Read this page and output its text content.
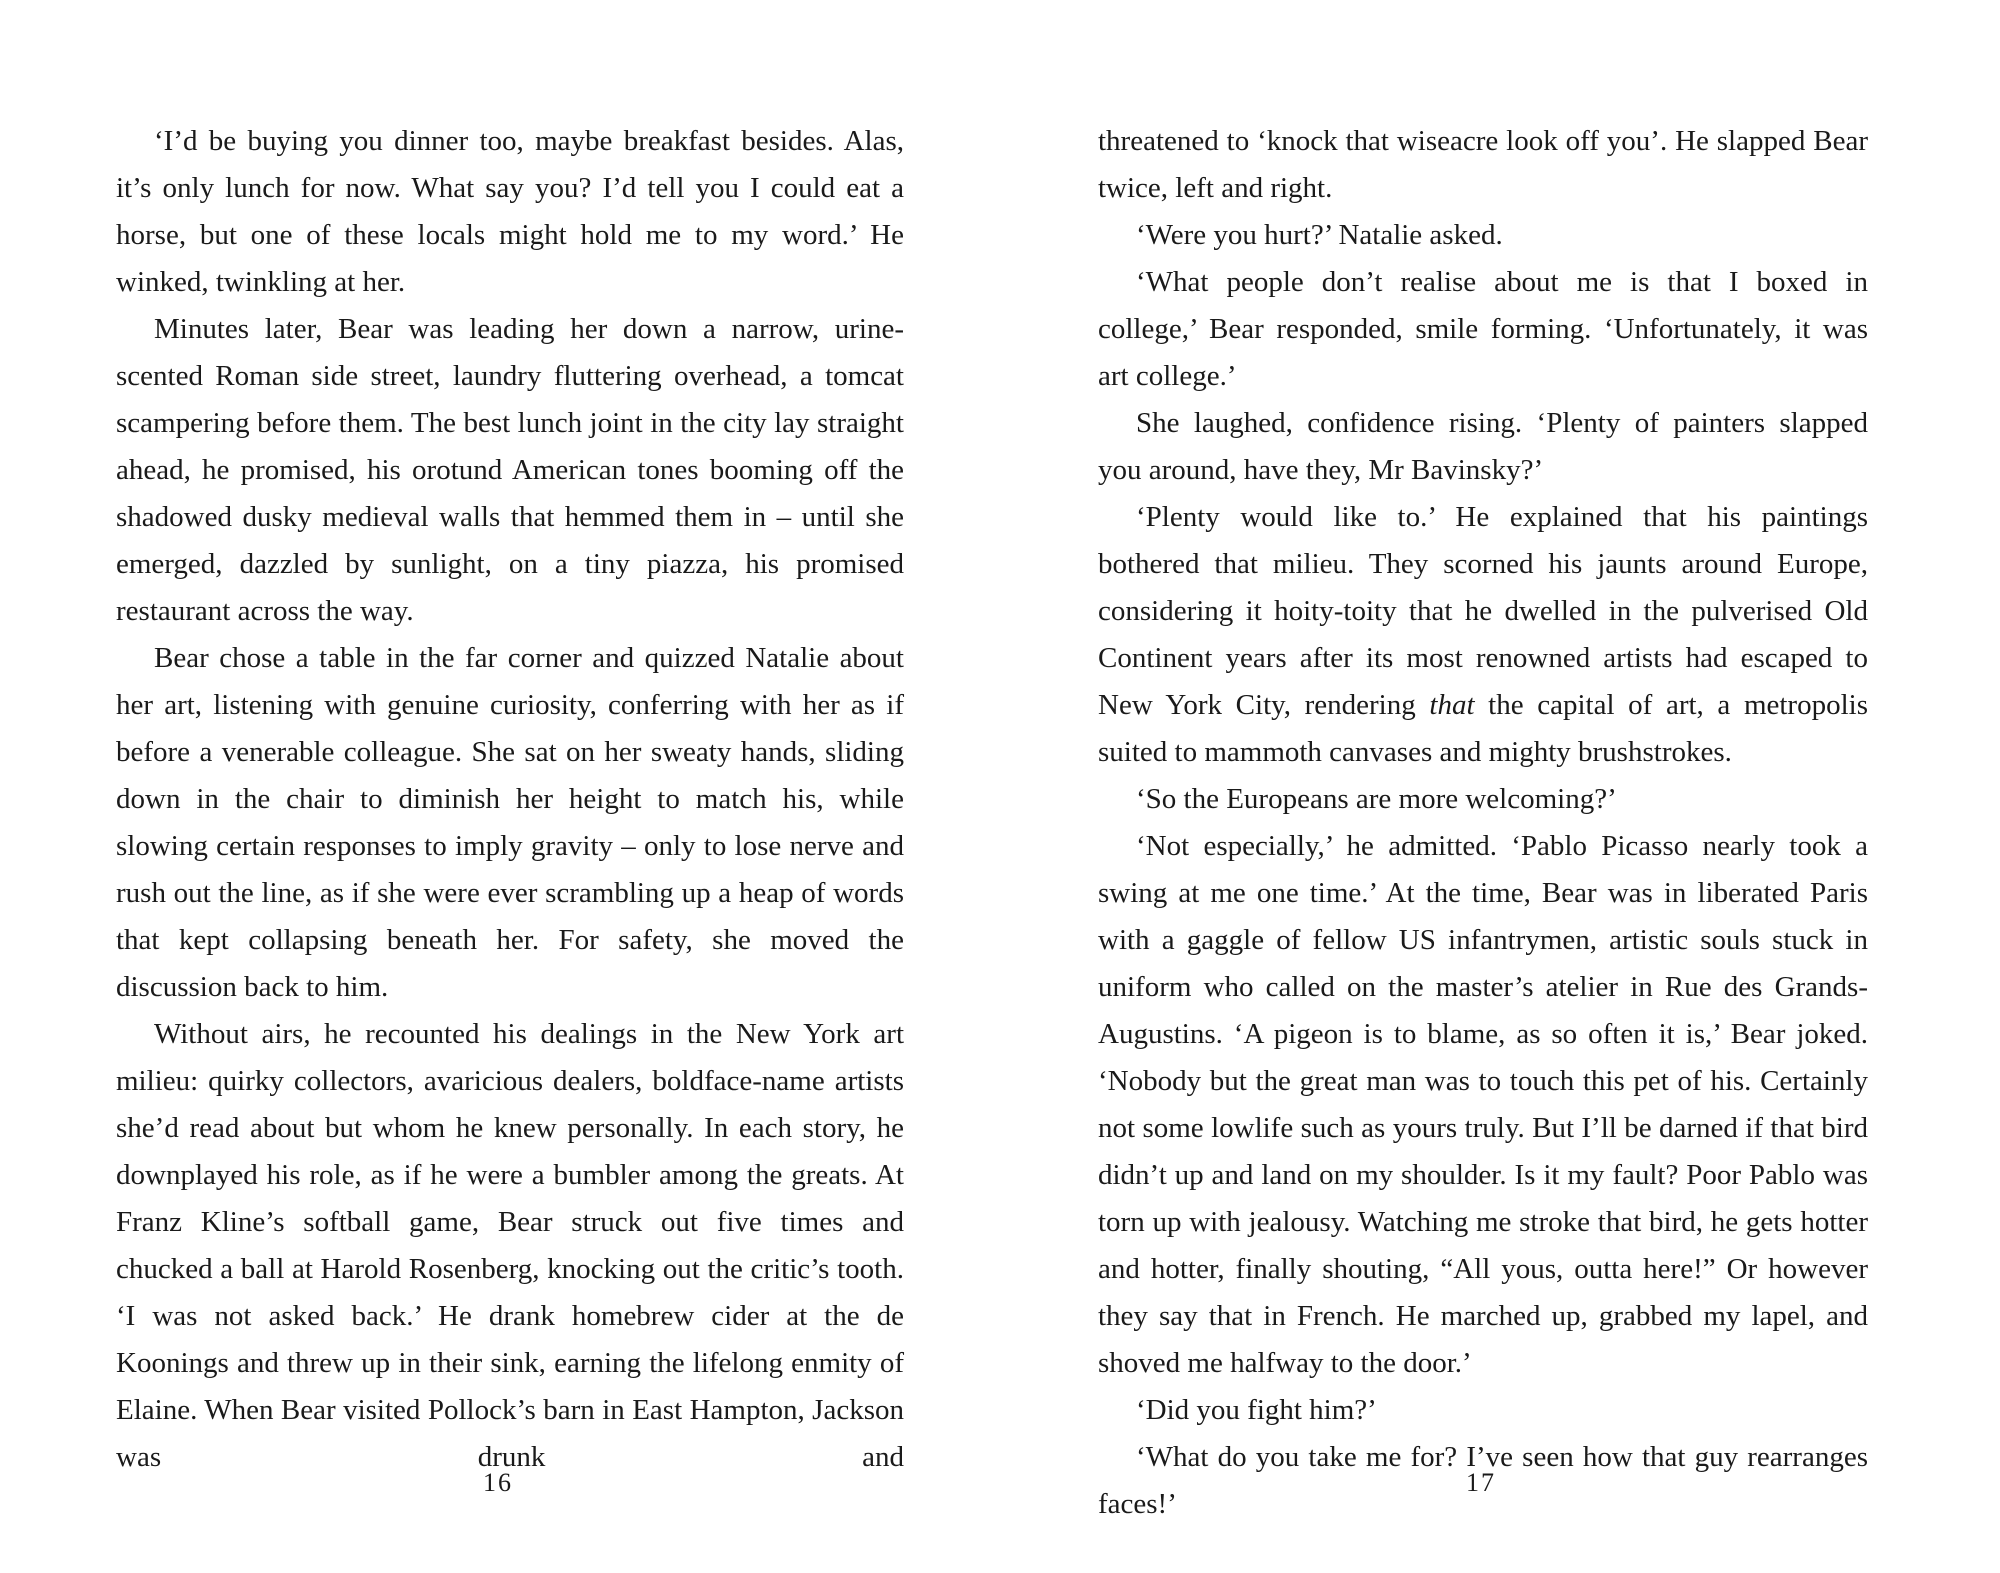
‘I’d be buying you dinner too, maybe breakfast besides. Alas, it’s only lunch for now. What say you? I’d tell you I could eat a horse, but one of these locals might hold me to my word.’ He winked, twinkling at her.

Minutes later, Bear was leading her down a narrow, urine-scented Roman side street, laundry fluttering overhead, a tomcat scampering before them. The best lunch joint in the city lay straight ahead, he promised, his orotund American tones booming off the shadowed dusky medieval walls that hemmed them in – until she emerged, dazzled by sunlight, on a tiny piazza, his promised restaurant across the way.

Bear chose a table in the far corner and quizzed Natalie about her art, listening with genuine curiosity, conferring with her as if before a venerable colleague. She sat on her sweaty hands, sliding down in the chair to diminish her height to match his, while slowing certain responses to imply gravity – only to lose nerve and rush out the line, as if she were ever scrambling up a heap of words that kept collapsing beneath her. For safety, she moved the discussion back to him.

Without airs, he recounted his dealings in the New York art milieu: quirky collectors, avaricious dealers, boldface-name artists she’d read about but whom he knew personally. In each story, he downplayed his role, as if he were a bumbler among the greats. At Franz Kline’s softball game, Bear struck out five times and chucked a ball at Harold Rosenberg, knocking out the critic’s tooth. ‘I was not asked back.’ He drank homebrew cider at the de Koonings and threw up in their sink, earning the lifelong enmity of Elaine. When Bear visited Pollock’s barn in East Hampton, Jackson was drunk and

16

threatened to ‘knock that wiseacre look off you’. He slapped Bear twice, left and right.

‘Were you hurt?’ Natalie asked.

‘What people don’t realise about me is that I boxed in college,’ Bear responded, smile forming. ‘Unfortunately, it was art college.’

She laughed, confidence rising. ‘Plenty of painters slapped you around, have they, Mr Bavinsky?’

‘Plenty would like to.’ He explained that his paintings bothered that milieu. They scorned his jaunts around Europe, considering it hoity-toity that he dwelled in the pulverised Old Continent years after its most renowned artists had escaped to New York City, rendering that the capital of art, a metropolis suited to mammoth canvases and mighty brushstrokes.

‘So the Europeans are more welcoming?’

‘Not especially,’ he admitted. ‘Pablo Picasso nearly took a swing at me one time.’ At the time, Bear was in liberated Paris with a gaggle of fellow US infantrymen, artistic souls stuck in uniform who called on the master’s atelier in Rue des Grands-Augustins. ‘A pigeon is to blame, as so often it is,’ Bear joked. ‘Nobody but the great man was to touch this pet of his. Certainly not some lowlife such as yours truly. But I’ll be darned if that bird didn’t up and land on my shoulder. Is it my fault? Poor Pablo was torn up with jealousy. Watching me stroke that bird, he gets hotter and hotter, finally shouting, “All yous, outta here!” Or however they say that in French. He marched up, grabbed my lapel, and shoved me halfway to the door.’

‘Did you fight him?’

‘What do you take me for? I’ve seen how that guy rearranges faces!’

17
